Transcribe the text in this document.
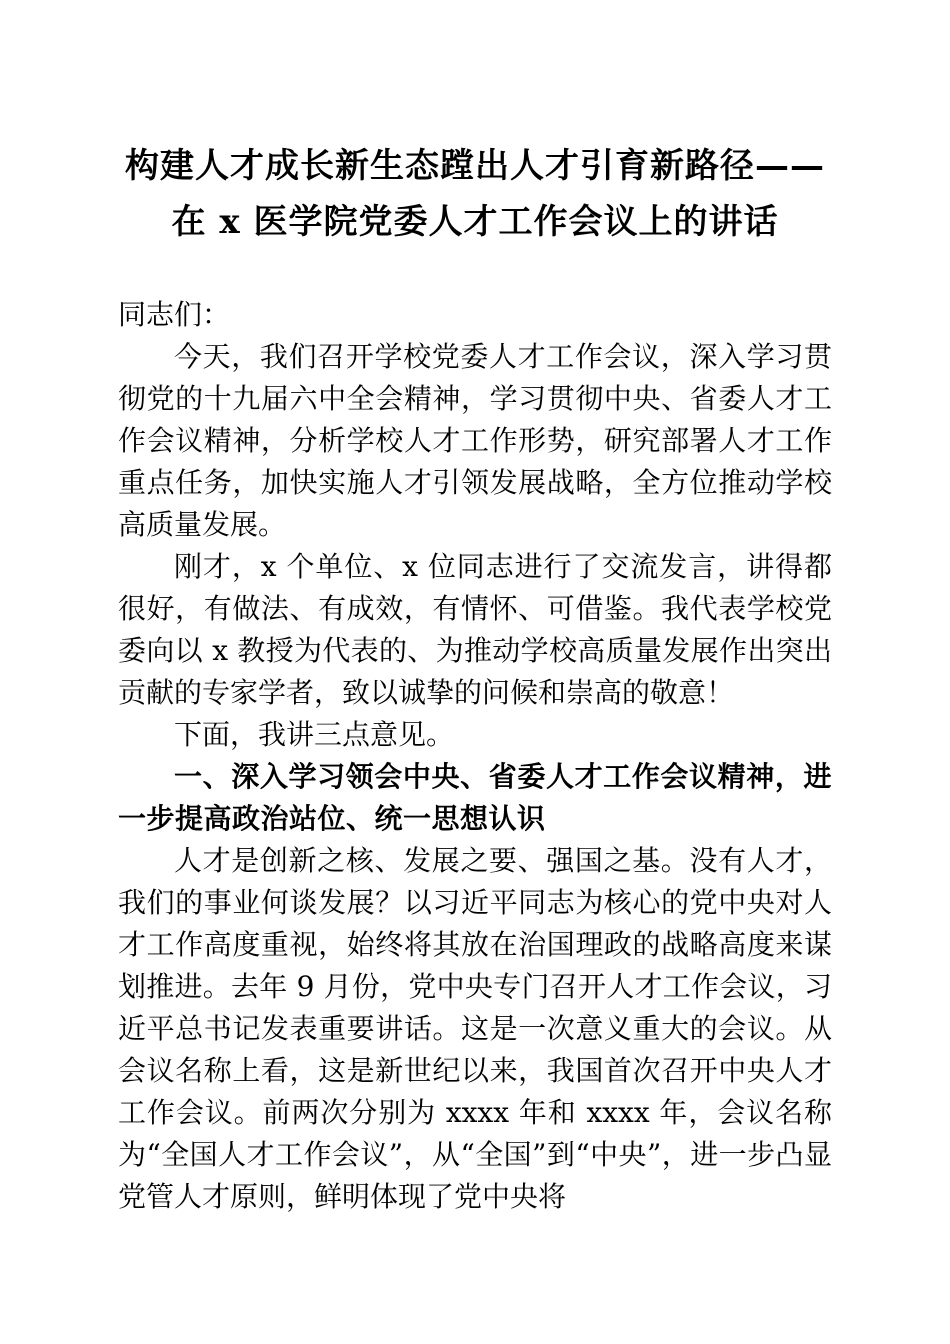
构建人才成长新生态蹚出人才引育新路径——
在 x 医学院党委人才工作会议上的讲话

同志们：

今天，我们召开学校党委人才工作会议，深入学习贯彻党的十九届六中全会精神，学习贯彻中央、省委人才工作会议精神，分析学校人才工作形势，研究部署人才工作重点任务，加快实施人才引领发展战略，全方位推动学校高质量发展。

刚才，x 个单位、x 位同志进行了交流发言，讲得都很好，有做法、有成效，有情怀、可借鉴。我代表学校党委向以 x 教授为代表的、为推动学校高质量发展作出突出贡献的专家学者，致以诚挚的问候和崇高的敬意！

下面，我讲三点意见。

一、深入学习领会中央、省委人才工作会议精神，进一步提高政治站位、统一思想认识

人才是创新之核、发展之要、强国之基。没有人才，我们的事业何谈发展？以习近平同志为核心的党中央对人才工作高度重视，始终将其放在治国理政的战略高度来谋划推进。去年 9 月份，党中央专门召开人才工作会议，习近平总书记发表重要讲话。这是一次意义重大的会议。从会议名称上看，这是新世纪以来，我国首次召开中央人才工作会议。前两次分别为 xxxx 年和 xxxx 年，会议名称为“全国人才工作会议”，从“全国”到“中央”，进一步凸显党管人才原则，鲜明体现了党中央将
